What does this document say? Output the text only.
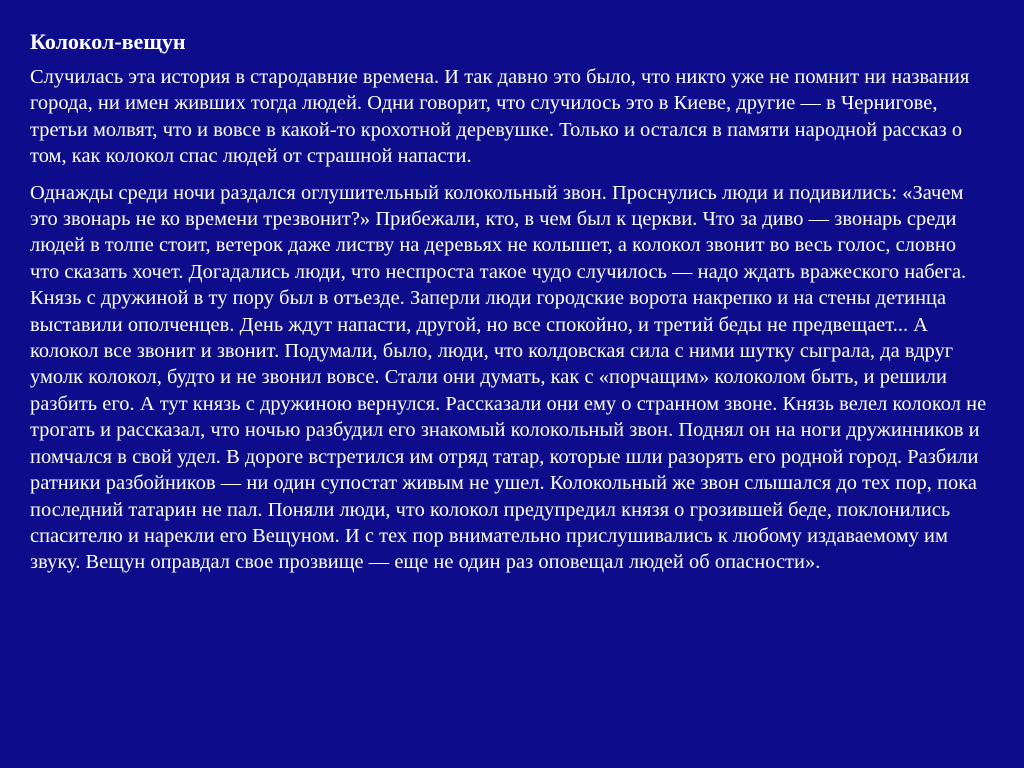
Колокол-вещун

Случилась эта история в стародавние времена. И так давно это было, что никто уже не помнит ни названия города, ни имен живших тогда людей. Одни говорит, что случилось это в Киеве, другие — в Чернигове, третьи молвят, что и вовсе в какой-то крохотной деревушке. Только и остался в памяти народной рассказ о том, как колокол спас людей от страшной напасти.

Однажды среди ночи раздался оглушительный колокольный звон. Проснулись люди и подивились: «Зачем это звонарь не ко времени трезвонит?» Прибежали, кто, в чем был к церкви. Что за диво — звонарь среди людей в толпе стоит, ветерок даже листву на деревьях не колышет, а колокол звонит во весь голос, словно что сказать хочет. Догадались люди, что неспроста такое чудо случилось — надо ждать вражеского набега. Князь с дружиной в ту пору был в отъезде. Заперли люди городские ворота накрепко и на стены детинца выставили ополченцев. День ждут напасти, другой, но все спокойно, и третий беды не предвещает... А колокол все звонит и звонит. Подумали, было, люди, что колдовская сила с ними шутку сыграла, да вдруг умолк колокол, будто и не звонил вовсе. Стали они думать, как с «порчащим» колоколом быть, и решили разбить его. А тут князь с дружиною вернулся. Рассказали они ему о странном звоне. Князь велел колокол не трогать и рассказал, что ночью разбудил его знакомый колокольный звон. Поднял он на ноги дружинников и помчался в свой удел. В дороге встретился им отряд татар, которые шли разорять его родной город. Разбили ратники разбойников — ни один супостат живым не ушел. Колокольный же звон слышался до тех пор, пока последний татарин не пал. Поняли люди, что колокол предупредил князя о грозившей беде, поклонились спасителю и нарекли его Вещуном. И с тех пор внимательно прислушивались к любому издаваемому им звуку. Вещун оправдал свое прозвище — еще не один раз оповещал людей об опасности».
